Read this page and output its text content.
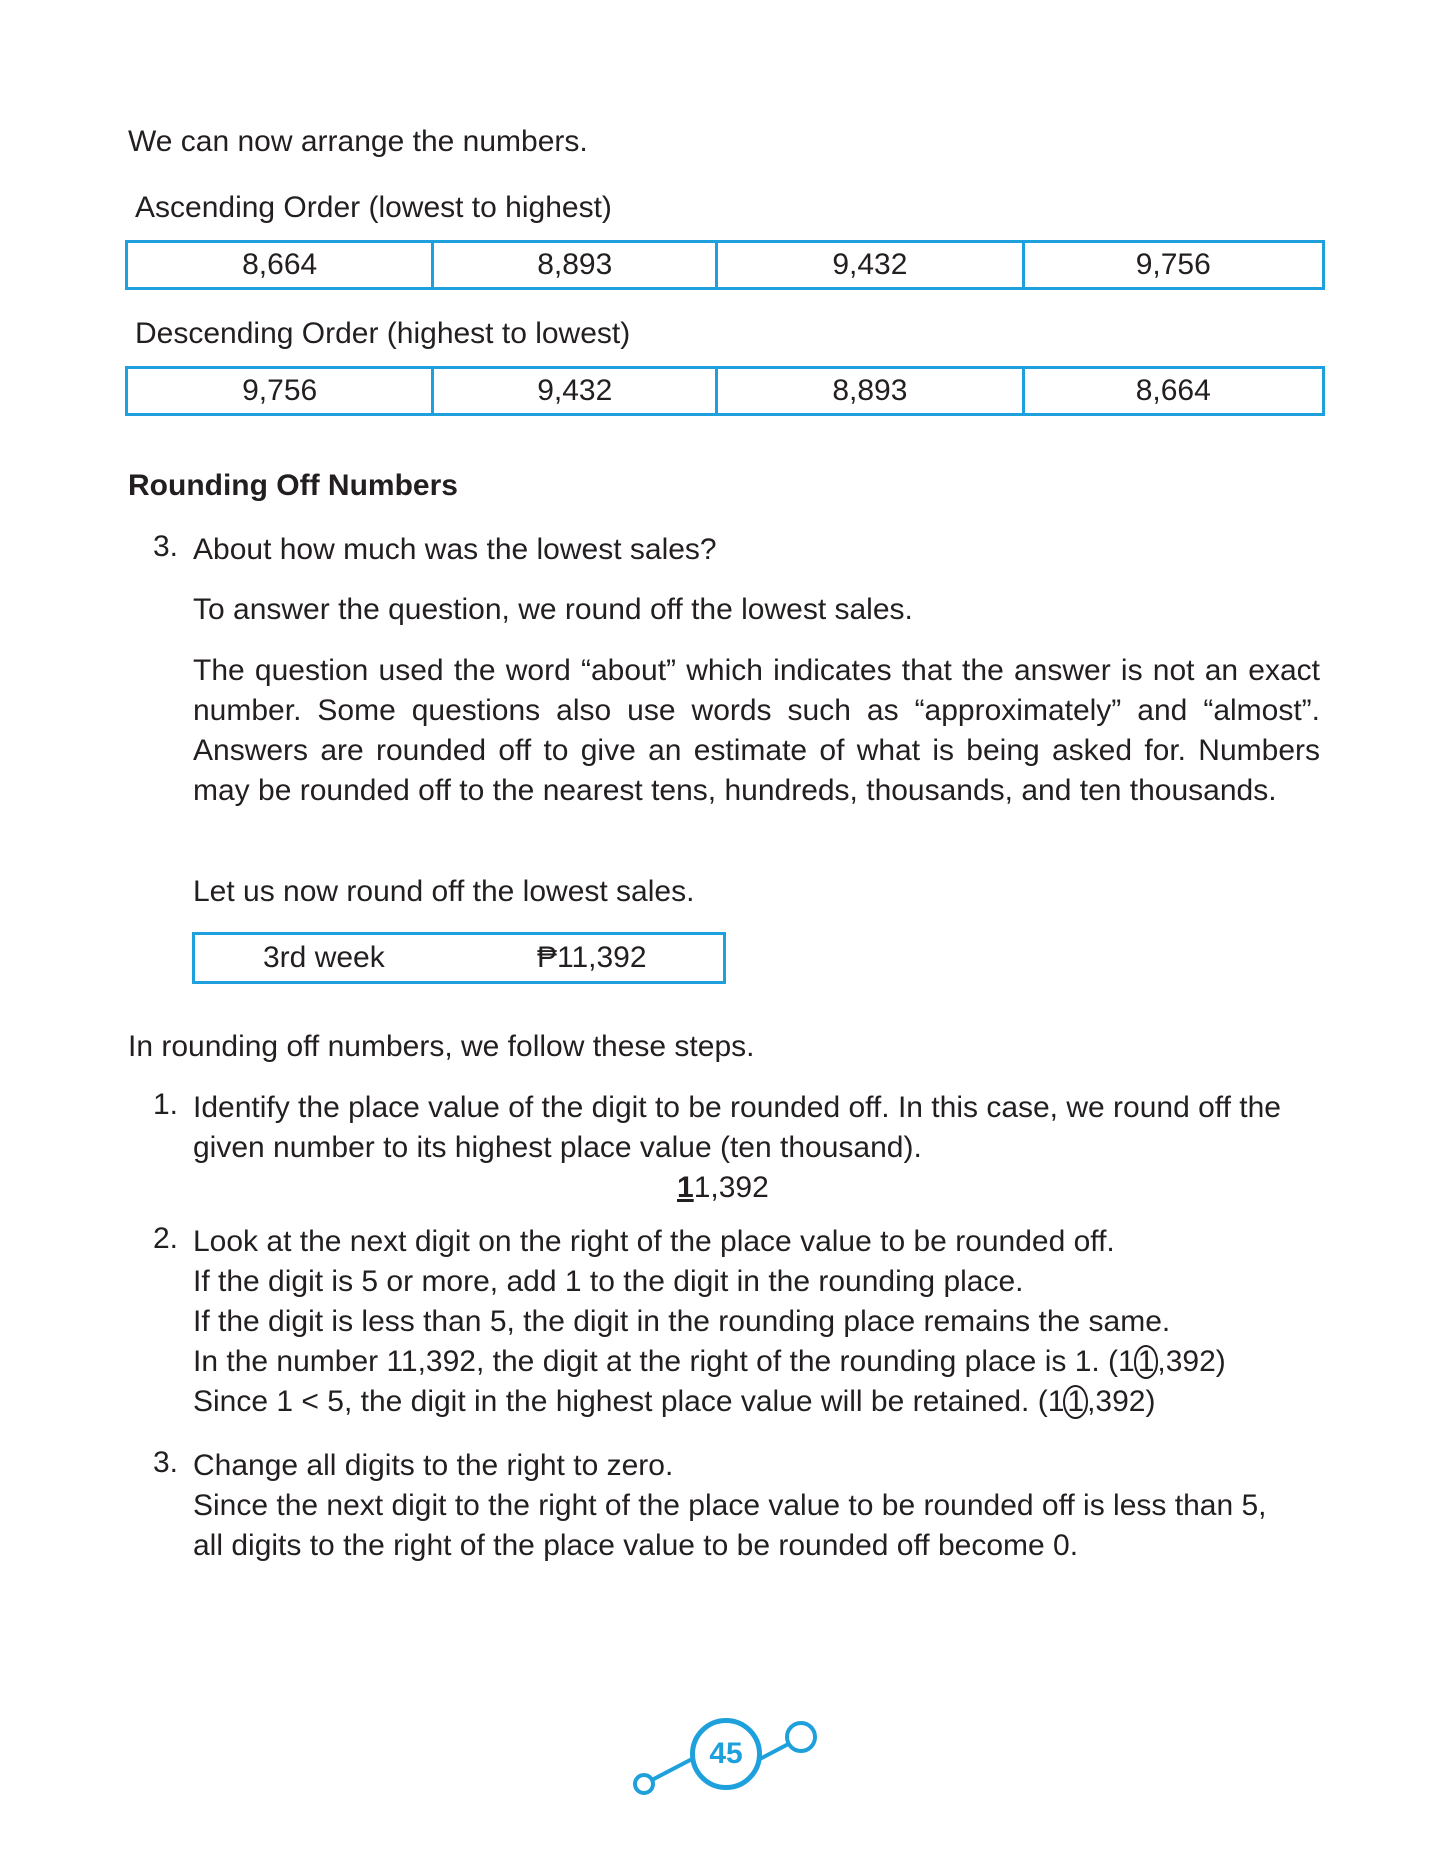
We can now arrange the numbers.
Ascending Order (lowest to highest)
8,664	8,893	9,432	9,756
Descending Order (highest to lowest)
9,756	9,432	8,893	8,664
Rounding Off Numbers
3. About how much was the lowest sales?
To answer the question, we round off the lowest sales.
The question used the word “about” which indicates that the answer is not an exact number. Some questions also use words such as “approximately” and “almost”. Answers are rounded off to give an estimate of what is being asked for. Numbers may be rounded off to the nearest tens, hundreds, thousands, and ten thousands.
Let us now round off the lowest sales.
3rd week	₱11,392
In rounding off numbers, we follow these steps.
1. Identify the place value of the digit to be rounded off. In this case, we round off the
given number to its highest place value (ten thousand).
11,392
2. Look at the next digit on the right of the place value to be rounded off.
If the digit is 5 or more, add 1 to the digit in the rounding place.
If the digit is less than 5, the digit in the rounding place remains the same.
In the number 11,392, the digit at the right of the rounding place is 1. (1 1 ,392)
Since 1 < 5, the digit in the highest place value will be retained. (1 1 ,392)
3. Change all digits to the right to zero.
Since the next digit to the right of the place value to be rounded off is less than 5,
all digits to the right of the place value to be rounded off become 0.
45
